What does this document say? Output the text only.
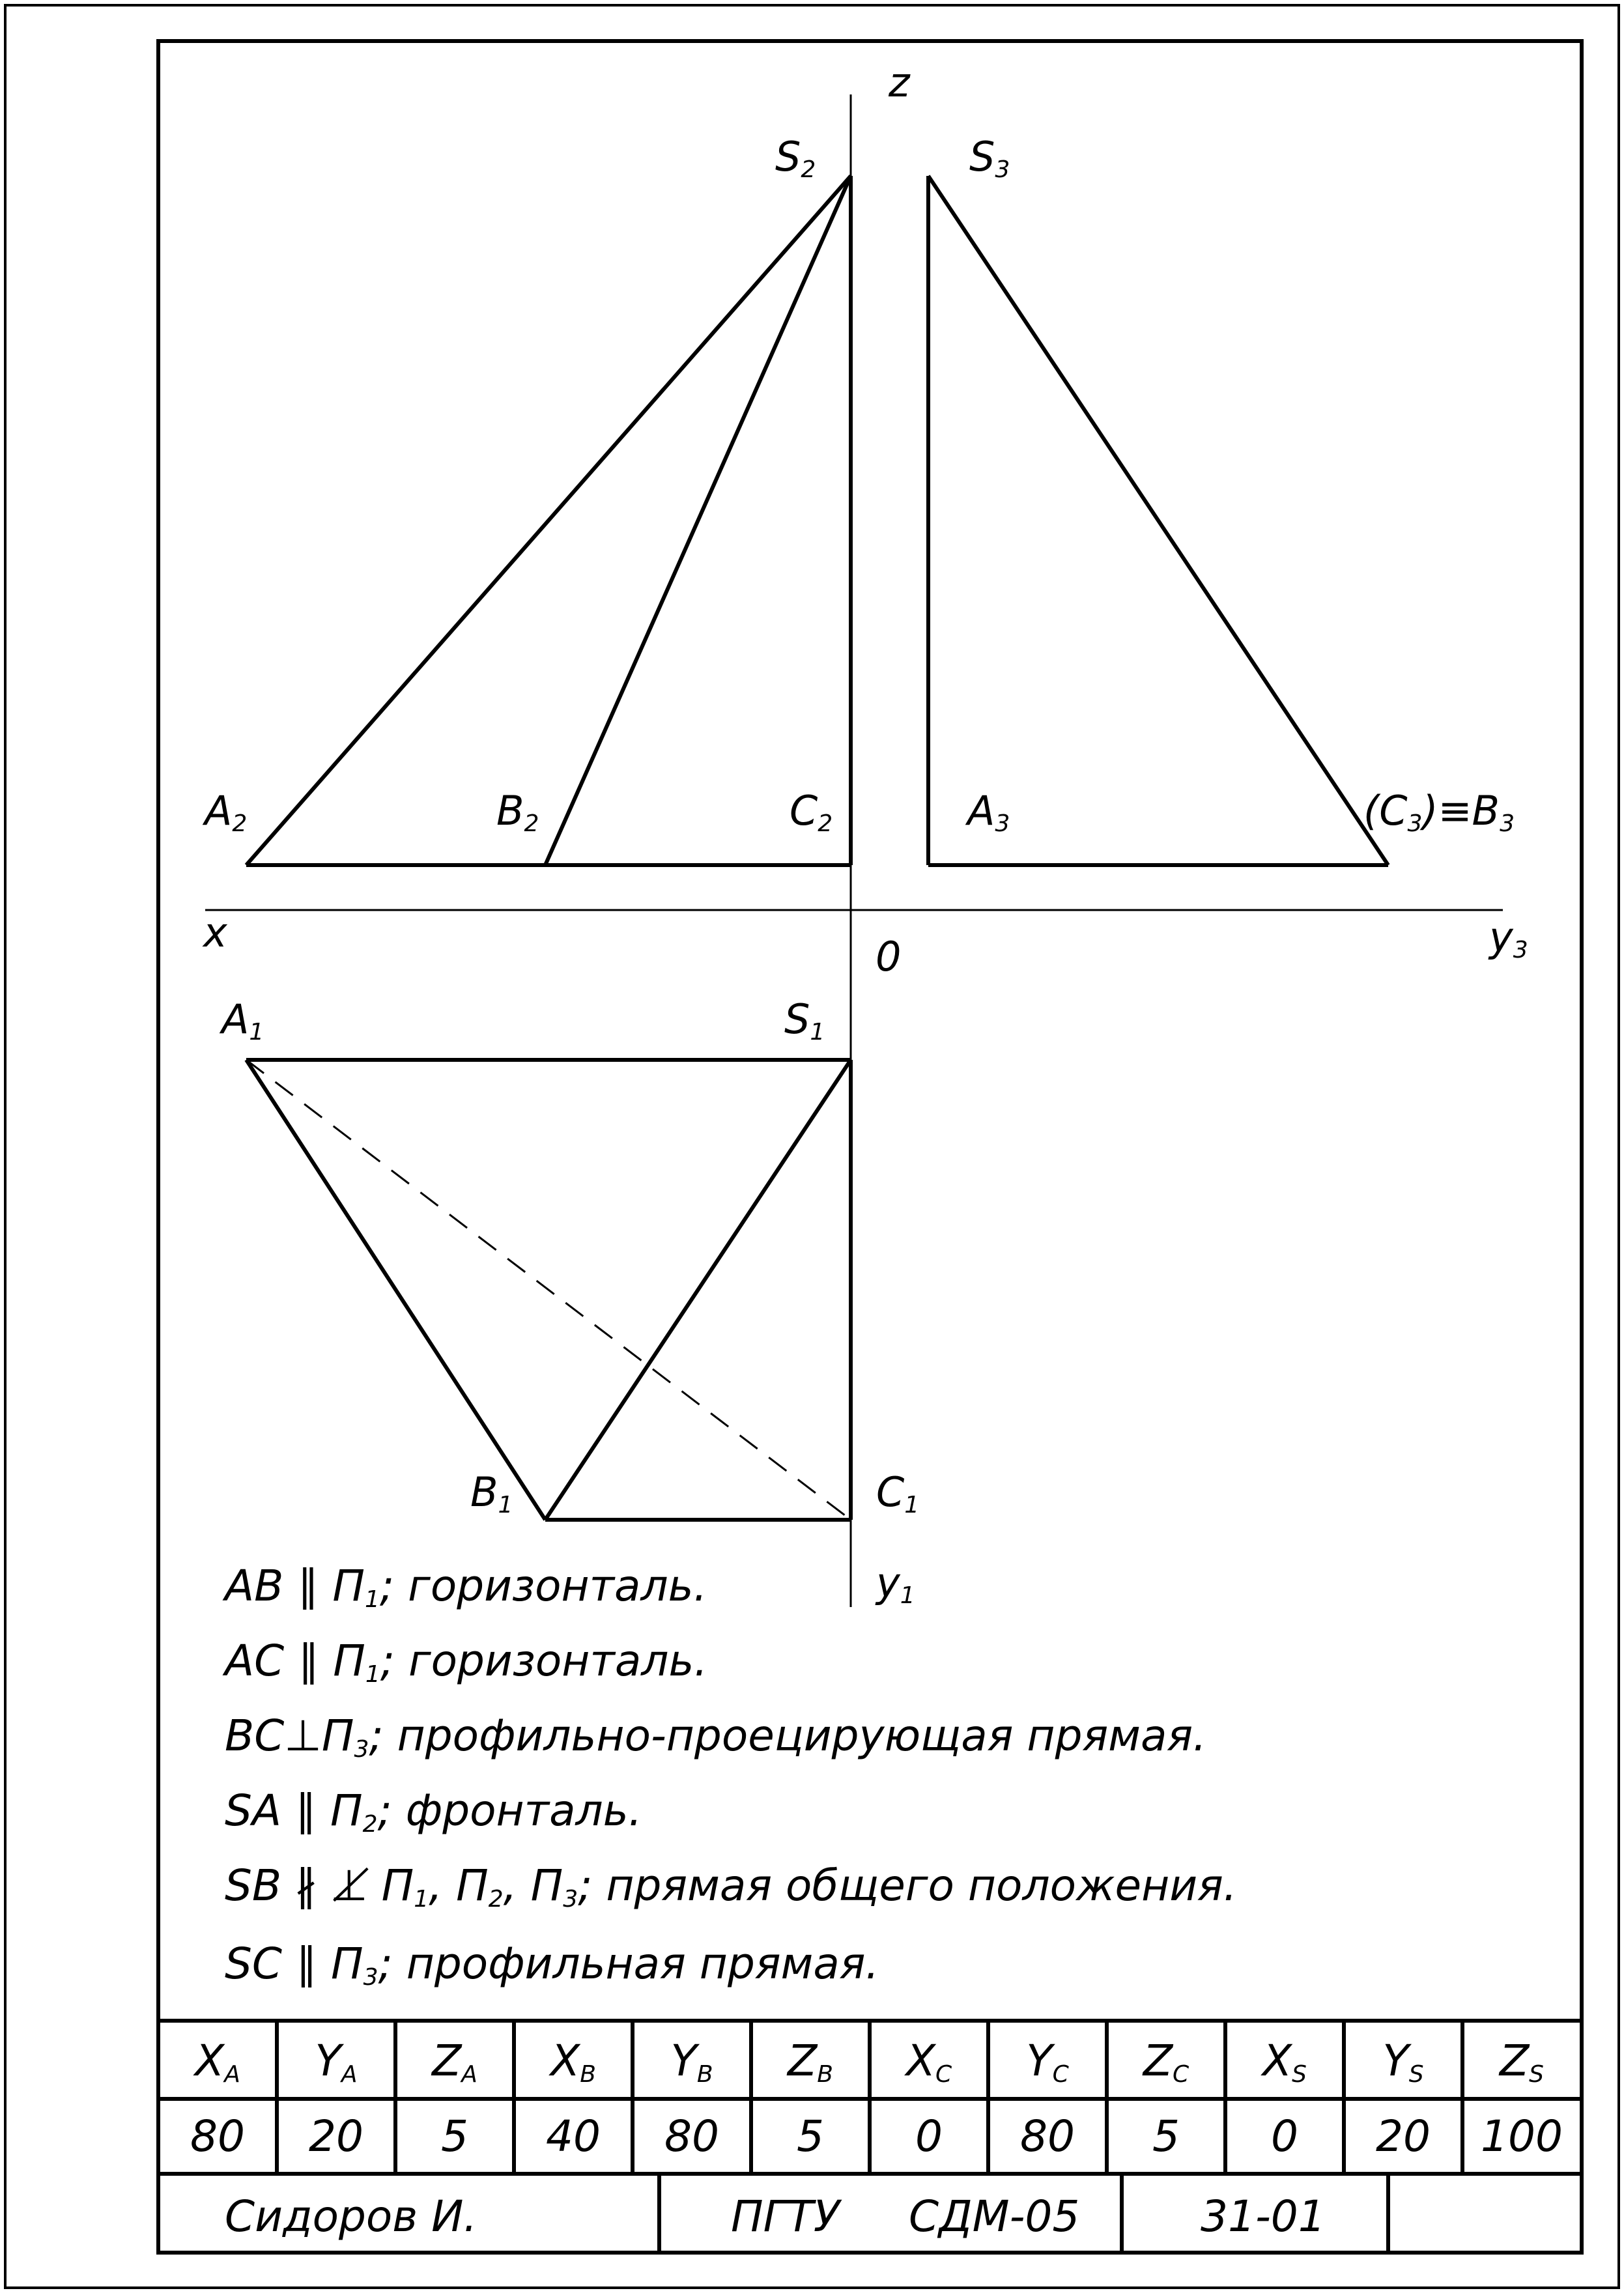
z
x
0	y3
y1
S2	S3
A2	B2	C2	A3	(C3)≡B3
A1	S1
B1	C1
AB ∥ П1; горизонталь.
AC ∥ П1; горизонталь.
BC⊥П3; профильно-проецирующая прямая.
SA ∥ П2; фронталь.
SB ∦ ⊥̸ П1, П2, П3; прямая общего положения.
SC ∥ П3; профильная прямая.
XA YA ZA XB YB ZB XC YC ZC XS YS ZS
80 20 5 40 80 5 0 80 5 0 20 100
Сидоров И.	ПГТУ СДМ-05	31-01
